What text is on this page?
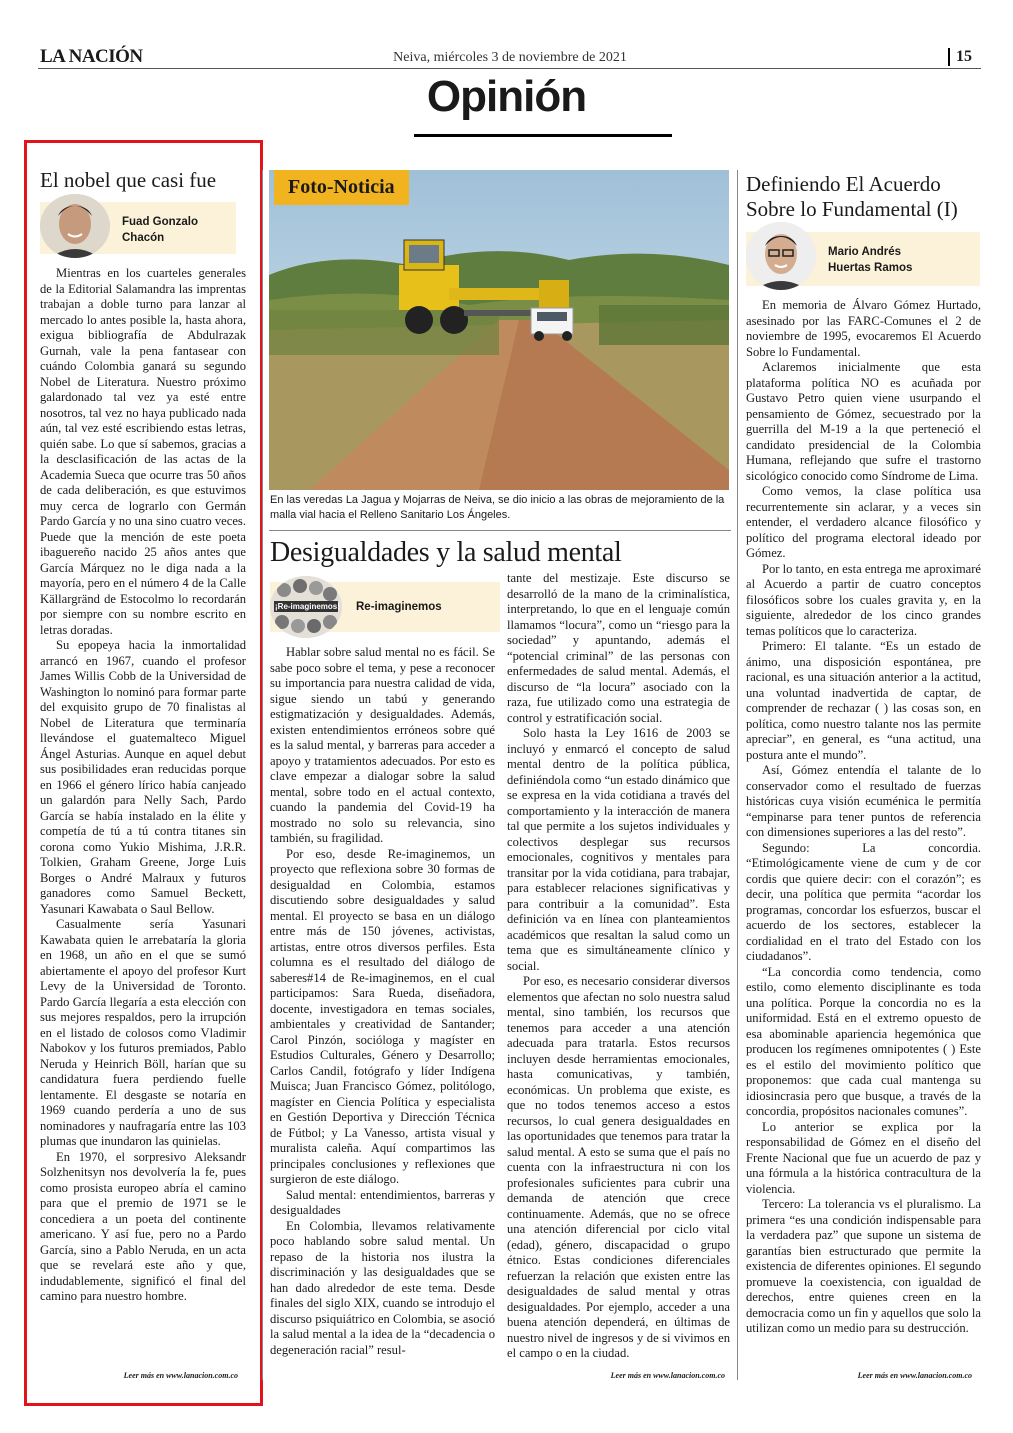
LA NACIÓN	Neiva, miércoles 3 de noviembre de 2021	15
Opinión
El nobel que casi fue
Fuad Gonzalo
Chacón

Mientras en los cuarteles generales de la Editorial Salamandra las imprentas trabajan a doble turno para lanzar al mercado lo antes posible la, hasta ahora, exigua bibliografía de Abdulrazak Gurnah, vale la pena fantasear con cuándo Colombia ganará su segundo Nobel de Literatura. Nuestro próximo galardonado tal vez ya esté entre nosotros, tal vez no haya publicado nada aún, tal vez esté escribiendo estas letras, quién sabe. Lo que sí sabemos, gracias a la desclasificación de las actas de la Academia Sueca que ocurre tras 50 años de cada deliberación, es que estuvimos muy cerca de lograrlo con Germán Pardo García y no una sino cuatro veces. Puede que la mención de este poeta ibaguereño nacido 25 años antes que García Márquez no le diga nada a la mayoría, pero en el número 4 de la Calle Källargränd de Estocolmo lo recordarán por siempre con su nombre escrito en letras doradas.

Su epopeya hacia la inmortalidad arrancó en 1967, cuando el profesor James Willis Cobb de la Universidad de Washington lo nominó para formar parte del exquisito grupo de 70 finalistas al Nobel de Literatura que terminaría llevándose el guatemalteco Miguel Ángel Asturias. Aunque en aquel debut sus posibilidades eran reducidas porque en 1966 el género lírico había canjeado un galardón para Nelly Sach, Pardo García se había instalado en la élite y competía de tú a tú contra titanes sin corona como Yukio Mishima, J.R.R. Tolkien, Graham Greene, Jorge Luis Borges o André Malraux y futuros ganadores como Samuel Beckett, Yasunari Kawabata o Saul Bellow.

Casualmente sería Yasunari Kawabata quien le arrebataría la gloria en 1968, un año en el que se sumó abiertamente el apoyo del profesor Kurt Levy de la Universidad de Toronto. Pardo García llegaría a esta elección con sus mejores respaldos, pero la irrupción en el listado de colosos como Vladimir Nabokov y los futuros premiados, Pablo Neruda y Heinrich Böll, harían que su candidatura fuera perdiendo fuelle lentamente. El desgaste se notaría en 1969 cuando perdería a uno de sus nominadores y naufragaría entre las 103 plumas que inundaron las quinielas.

En 1970, el sorpresivo Aleksandr Solzhenitsyn nos devolvería la fe, pues como prosista europeo abría el camino para que el premio de 1971 se le concediera a un poeta del continente americano. Y así fue, pero no a Pardo García, sino a Pablo Neruda, en un acta que se revelará este año y que, indudablemente, significó el final del camino para nuestro hombre.

Leer más en www.lanacion.com.co
Foto-Noticia
En las veredas La Jagua y Mojarras de Neiva, se dio inicio a las obras de mejoramiento de la malla vial hacia el Relleno Sanitario Los Ángeles.
Desigualdades y la salud mental
¡Re-imaginemos! Re-imaginemos

Hablar sobre salud mental no es fácil. Se sabe poco sobre el tema, y pese a reconocer su importancia para nuestra calidad de vida, sigue siendo un tabú y generando estigmatización y desigualdades. Además, existen entendimientos erróneos sobre qué es la salud mental, y barreras para acceder a apoyo y tratamientos adecuados. Por esto es clave empezar a dialogar sobre la salud mental, sobre todo en el actual contexto, cuando la pandemia del Covid-19 ha mostrado no solo su relevancia, sino también, su fragilidad.

Por eso, desde Re-imaginemos, un proyecto que reflexiona sobre 30 formas de desigualdad en Colombia, estamos discutiendo sobre desigualdades y salud mental. El proyecto se basa en un diálogo entre más de 150 jóvenes, activistas, artistas, entre otros diversos perfiles. Esta columna es el resultado del diálogo de saberes#14 de Re-imaginemos, en el cual participamos: Sara Rueda, diseñadora, docente, investigadora en temas sociales, ambientales y creatividad de Santander; Carol Pinzón, socióloga y magíster en Estudios Culturales, Género y Desarrollo; Carlos Candil, fotógrafo y líder Indígena Muisca; Juan Francisco Gómez, politólogo, magíster en Ciencia Política y especialista en Gestión Deportiva y Dirección Técnica de Fútbol; y La Vanesso, artista visual y muralista caleña. Aquí compartimos las principales conclusiones y reflexiones que surgieron de este diálogo.

Salud mental: entendimientos, barreras y desigualdades

En Colombia, llevamos relativamente poco hablando sobre salud mental. Un repaso de la historia nos ilustra la discriminación y las desigualdades que se han dado alrededor de este tema. Desde finales del siglo XIX, cuando se introdujo el discurso psiquiátrico en Colombia, se asoció la salud mental a la idea de la “decadencia o degeneración racial” resul-

tante del mestizaje. Este discurso se desarrolló de la mano de la criminalística, interpretando, lo que en el lenguaje común llamamos “locura”, como un “riesgo para la sociedad” y apuntando, además el “potencial criminal” de las personas con enfermedades de salud mental. Además, el discurso de “la locura” asociado con la raza, fue utilizado como una estrategia de control y estratificación social.

Solo hasta la Ley 1616 de 2003 se incluyó y enmarcó el concepto de salud mental dentro de la política pública, definiéndola como “un estado dinámico que se expresa en la vida cotidiana a través del comportamiento y la interacción de manera tal que permite a los sujetos individuales y colectivos desplegar sus recursos emocionales, cognitivos y mentales para transitar por la vida cotidiana, para trabajar, para establecer relaciones significativas y para contribuir a la comunidad”. Esta definición va en línea con planteamientos académicos que resaltan la salud como un tema que es simultáneamente clínico y social.

Por eso, es necesario considerar diversos elementos que afectan no solo nuestra salud mental, sino también, los recursos que tenemos para acceder a una atención adecuada para tratarla. Estos recursos incluyen desde herramientas emocionales, hasta comunicativas, y también, económicas. Un problema que existe, es que no todos tenemos acceso a estos recursos, lo cual genera desigualdades en las oportunidades que tenemos para tratar la salud mental. A esto se suma que el país no cuenta con la infraestructura ni con los profesionales suficientes para cubrir una demanda de atención que crece continuamente. Además, que no se ofrece una atención diferencial por ciclo vital (edad), género, discapacidad o grupo étnico. Estas condiciones diferenciales refuerzan la relación que existen entre las desigualdades de salud mental y otras desigualdades. Por ejemplo, acceder a una buena atención dependerá, en últimas de nuestro nivel de ingresos y de si vivimos en el campo o en la ciudad.

Leer más en www.lanacion.com.co
Definiendo El Acuerdo Sobre lo Fundamental (I)
Mario Andrés
Huertas Ramos

En memoria de Álvaro Gómez Hurtado, asesinado por las FARC-Comunes el 2 de noviembre de 1995, evocaremos El Acuerdo Sobre lo Fundamental.

Aclaremos inicialmente que esta plataforma política NO es acuñada por Gustavo Petro quien viene usurpando el pensamiento de Gómez, secuestrado por la guerrilla del M-19 a la que perteneció el candidato presidencial de la Colombia Humana, reflejando que sufre el trastorno sicológico conocido como Síndrome de Lima.

Como vemos, la clase política usa recurrentemente sin aclarar, y a veces sin entender, el verdadero alcance filosófico y político del programa electoral ideado por Gómez.

Por lo tanto, en esta entrega me aproximaré al Acuerdo a partir de cuatro conceptos filosóficos sobre los cuales gravita y, en la siguiente, alrededor de los cinco grandes temas políticos que lo caracteriza.

Primero: El talante. “Es un estado de ánimo, una disposición espontánea, pre racional, es una situación anterior a la actitud, una voluntad inadvertida de captar, de comprender de rechazar ( ) las cosas son, en política, como nuestro talante nos las permite apreciar”, en general, es “una actitud, una postura ante el mundo”.

Así, Gómez entendía el talante de lo conservador como el resultado de fuerzas históricas cuya visión ecuménica le permitía “empinarse para tener puntos de referencia con dimensiones superiores a las del resto”.

Segundo: La concordia. “Etimológicamente viene de cum y de cor cordis que quiere decir: con el corazón”; es decir, una política que permita “acordar los programas, concordar los esfuerzos, buscar el acuerdo de los sectores, establecer la cordialidad en el trato del Estado con los ciudadanos”.

“La concordia como tendencia, como estilo, como elemento disciplinante es toda una política. Porque la concordia no es la uniformidad. Está en el extremo opuesto de esa abominable apariencia hegemónica que producen los regímenes omnipotentes ( ) Este es el estilo del movimiento político que proponemos: que cada cual mantenga su idiosincrasia pero que busque, a través de la concordia, propósitos nacionales comunes”.

Lo anterior se explica por la responsabilidad de Gómez en el diseño del Frente Nacional que fue un acuerdo de paz y una fórmula a la histórica contracultura de la violencia.

Tercero: La tolerancia vs el pluralismo. La primera “es una condición indispensable para la verdadera paz” que supone un sistema de garantías bien estructurado que permite la existencia de diferentes opiniones. El segundo promueve la coexistencia, con igualdad de derechos, entre quienes creen en la democracia como un fin y aquellos que solo la utilizan como un medio para su destrucción.

Leer más en www.lanacion.com.co
